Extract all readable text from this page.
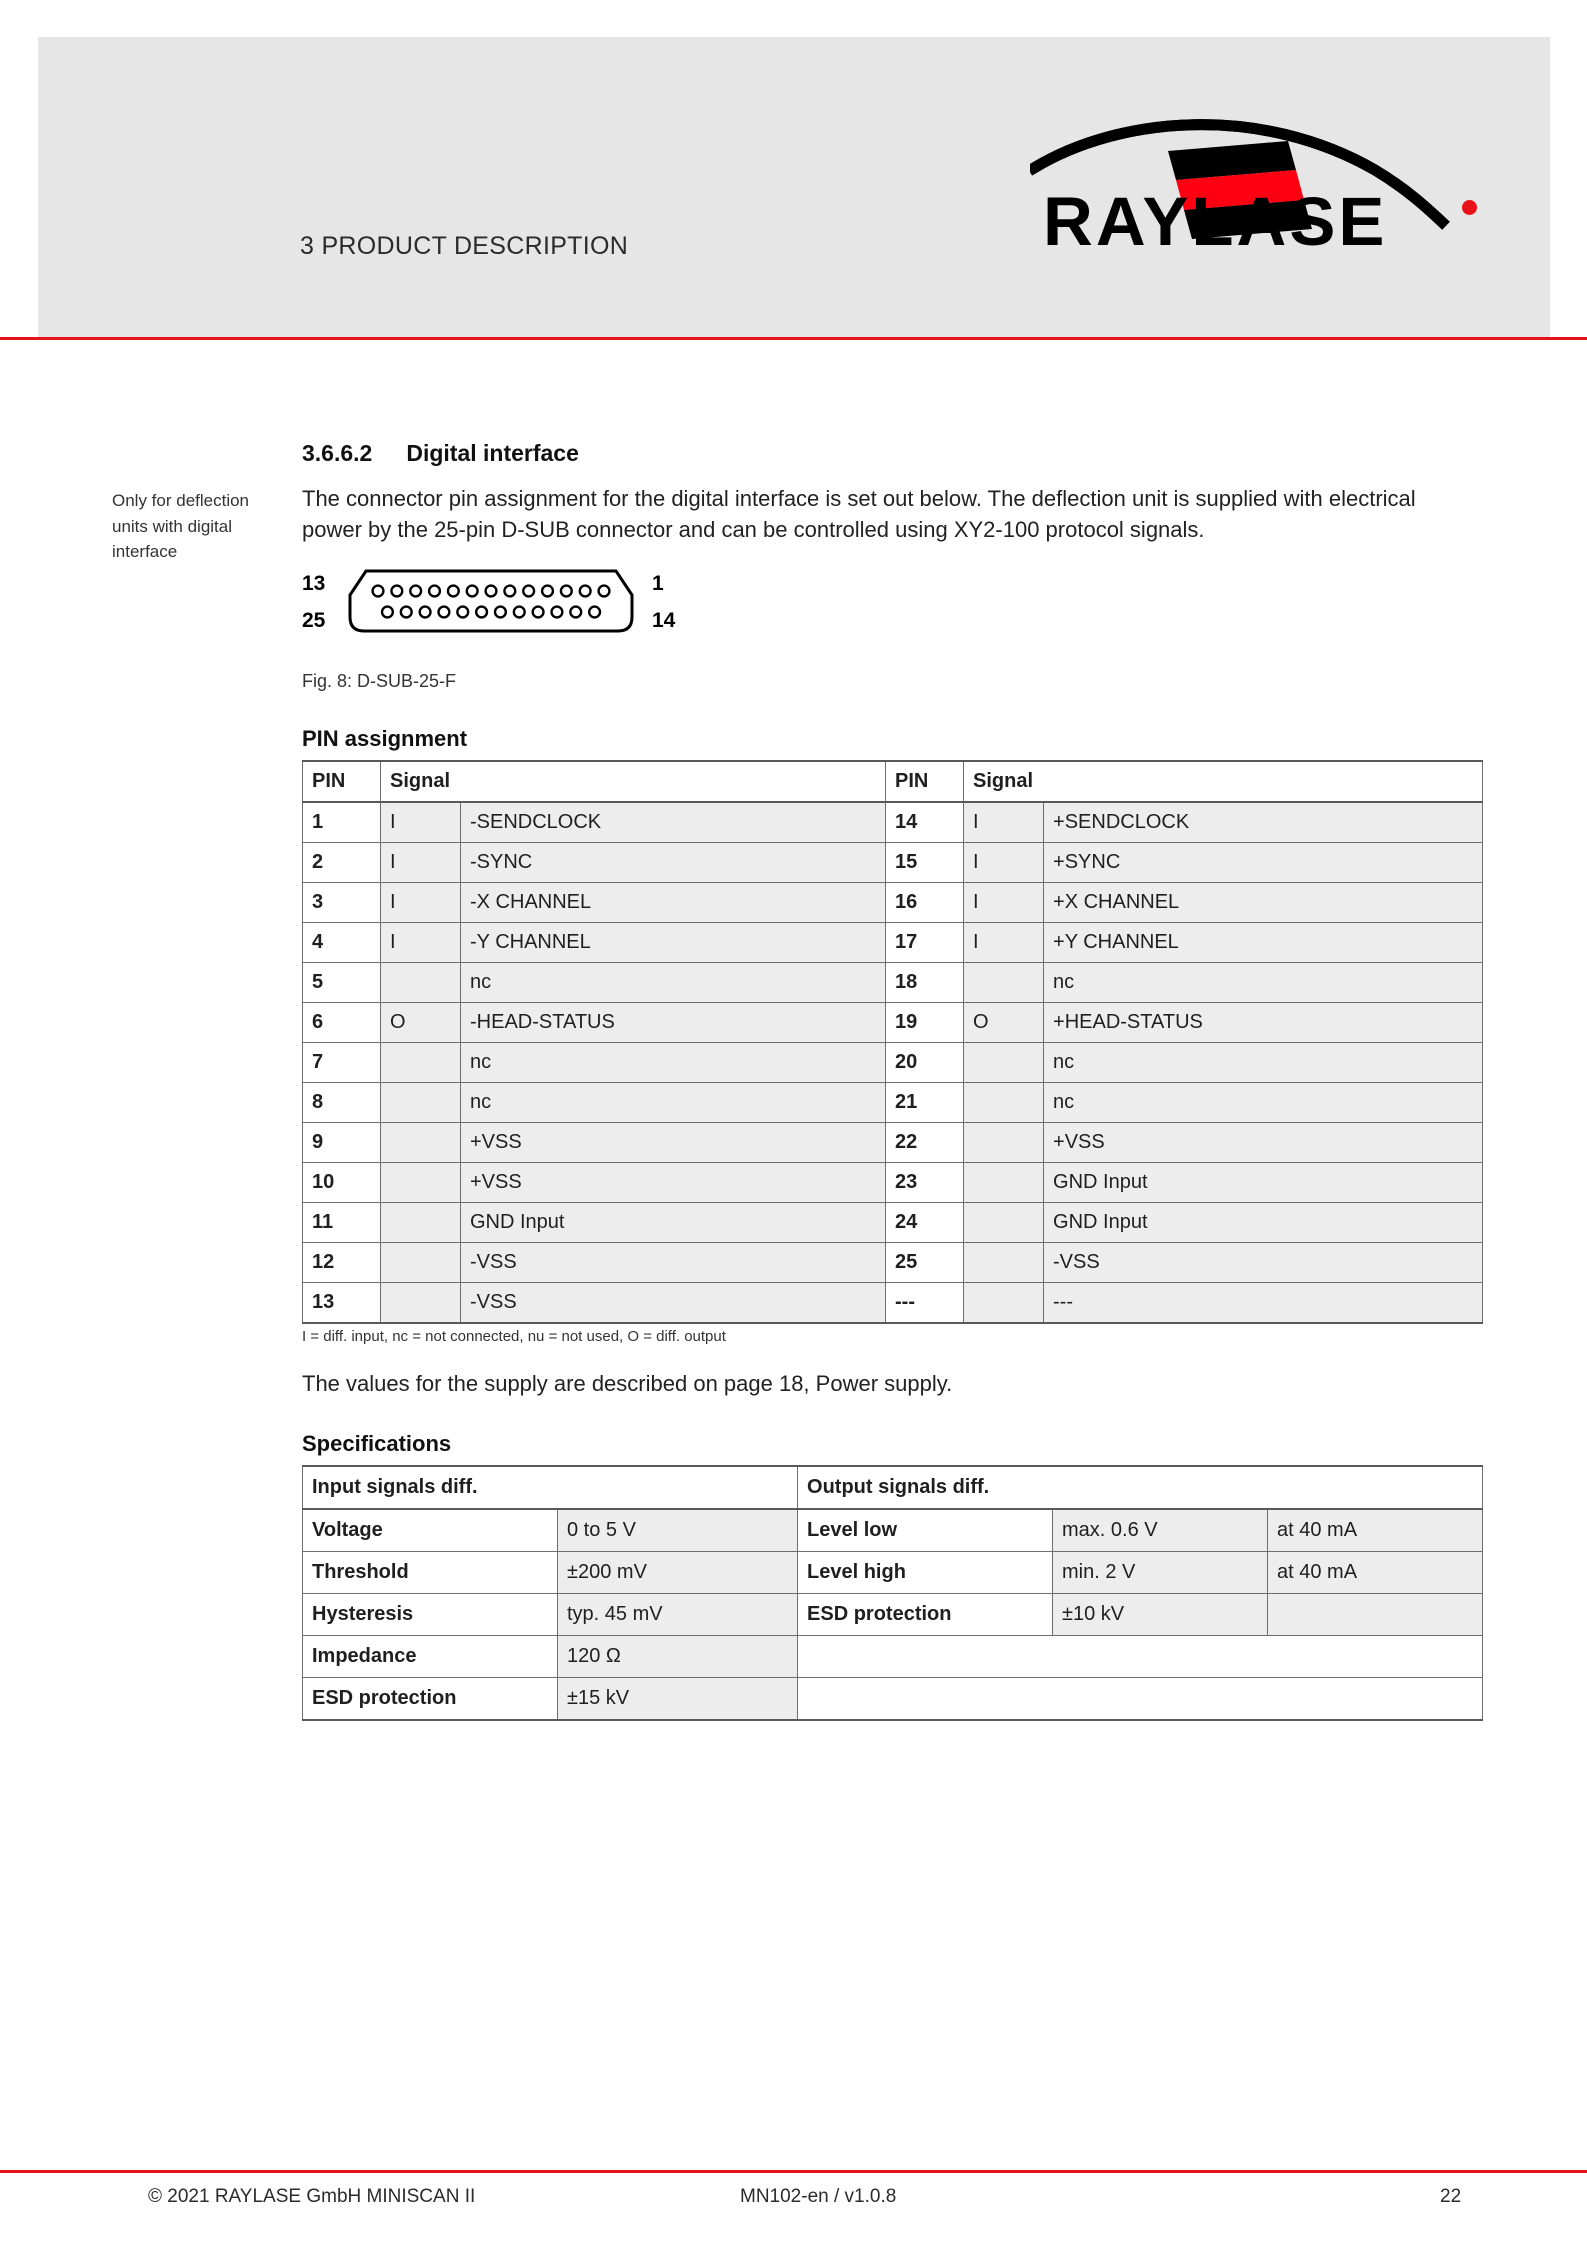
3 PRODUCT DESCRIPTION	RAYLASE
Only for deflection units with digital interface
3.6.6.2 Digital interface

The connector pin assignment for the digital interface is set out below. The deflection unit is supplied with electrical power by the 25-pin D-SUB connector and can be controlled using XY2-100 protocol signals.

13
25
1
14
Fig. 8: D-SUB-25-F
PIN assignment
PIN	Signal		PIN	Signal	
1	I	-SENDCLOCK	14	I	+SENDCLOCK
2	I	-SYNC	15	I	+SYNC
3	I	-X CHANNEL	16	I	+X CHANNEL
4	I	-Y CHANNEL	17	I	+Y CHANNEL
5		nc	18		nc
6	O	-HEAD-STATUS	19	O	+HEAD-STATUS
7		nc	20		nc
8		nc	21		nc
9		+VSS	22		+VSS
10		+VSS	23		GND Input
11		GND Input	24		GND Input
12		-VSS	25		-VSS
13		-VSS	---		---
I = diff. input, nc = not connected, nu = not used, O = diff. output
The values for the supply are described on page 18, Power supply.
Specifications
Input signals diff.		Output signals diff.		
Voltage	0 to 5 V	Level low	max. 0.6 V	at 40 mA
Threshold	±200 mV	Level high	min. 2 V	at 40 mA
Hysteresis	typ. 45 mV	ESD protection	±10 kV	
Impedance	120 Ω			
ESD protection	±15 kV			
© 2021 RAYLASE GmbH MINISCAN II	MN102-en / v1.0.8	22
